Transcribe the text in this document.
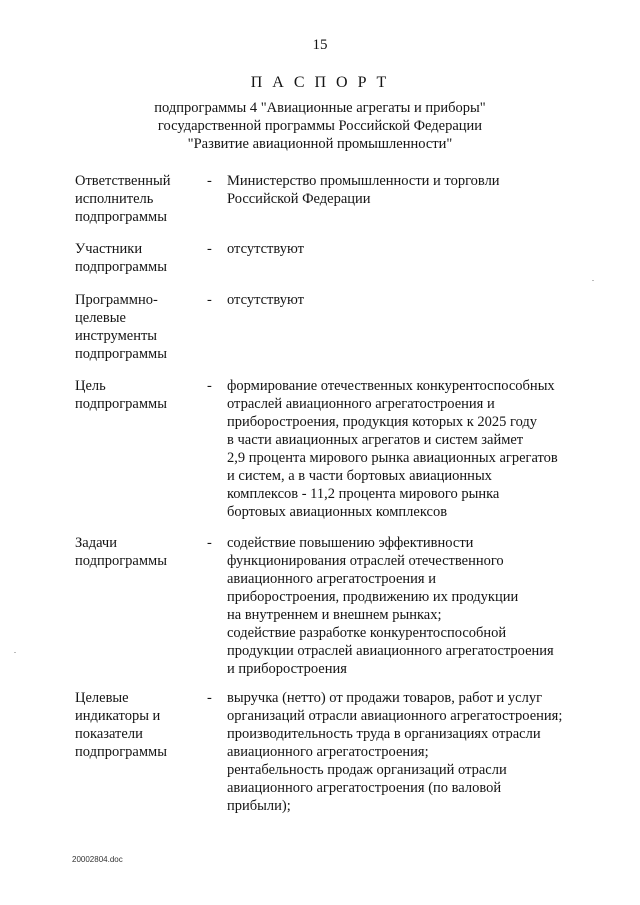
15
П А С П О Р Т
подпрограммы 4 "Авиационные агрегаты и приборы"
государственной программы Российской Федерации
"Развитие авиационной промышленности"
Ответственный
исполнитель
подпрограммы
- Министерство промышленности и торговли
Российской Федерации
Участники
подпрограммы
- отсутствуют
Программно-
целевые
инструменты
подпрограммы
- отсутствуют
Цель
подпрограммы
- формирование отечественных конкурентоспособных
отраслей авиационного агрегатостроения и
приборостроения, продукция которых к 2025 году
в части авиационных агрегатов и систем займет
2,9 процента мирового рынка авиационных агрегатов
и систем, а в части бортовых авиационных
комплексов - 11,2 процента мирового рынка
бортовых авиационных комплексов
Задачи
подпрограммы
- содействие повышению эффективности
функционирования отраслей отечественного
авиационного агрегатостроения и
приборостроения, продвижению их продукции
на внутреннем и внешнем рынках;
содействие разработке конкурентоспособной
продукции отраслей авиационного агрегатостроения
и приборостроения
Целевые
индикаторы и
показатели
подпрограммы
- выручка (нетто) от продажи товаров, работ и услуг
организаций отрасли авиационного агрегатостроения;
производительность труда в организациях отрасли
авиационного агрегатостроения;
рентабельность продаж организаций отрасли
авиационного агрегатостроения (по валовой
прибыли);
20002804.doc
